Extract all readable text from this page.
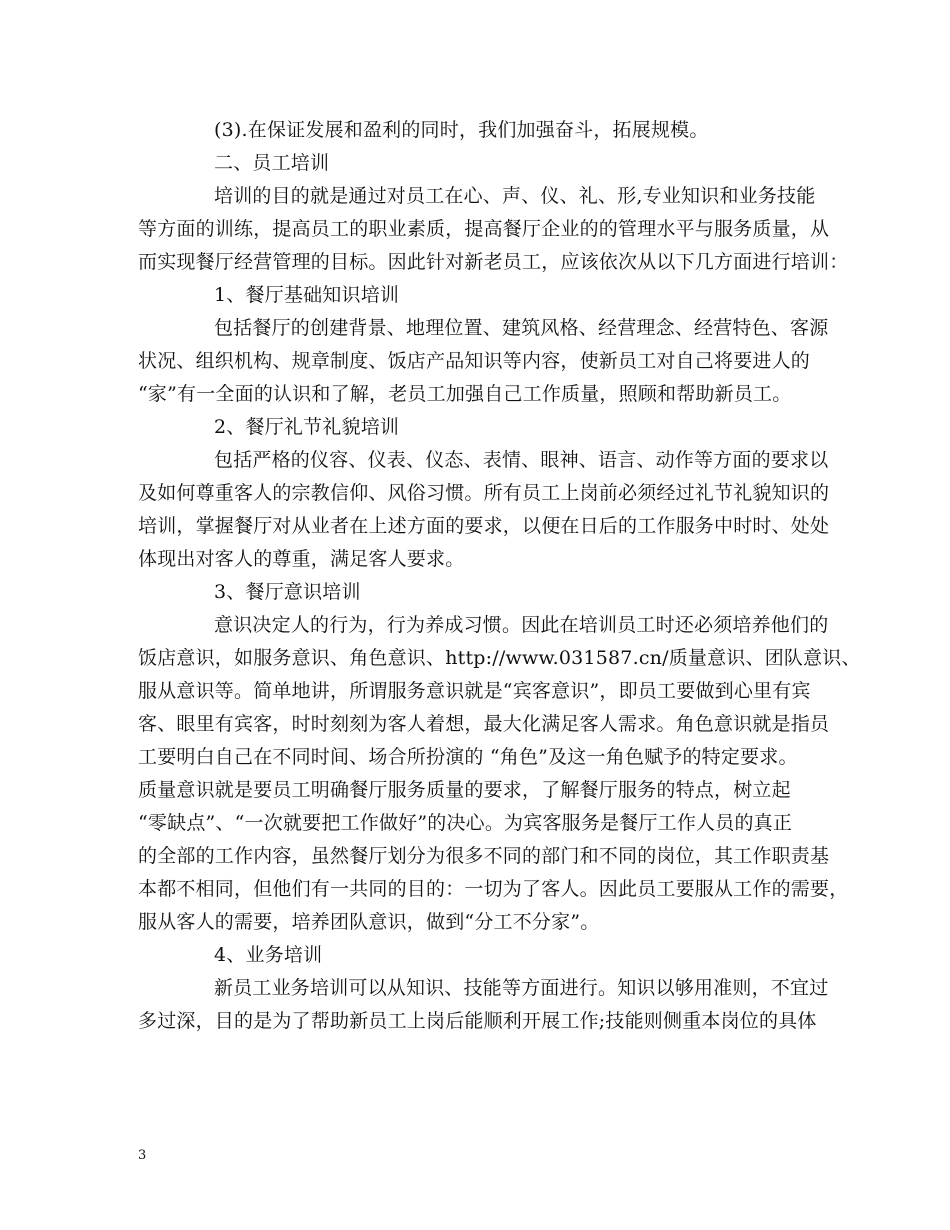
(3).在保证发展和盈利的同时，我们加强奋斗，拓展规模。
二、员工培训
培训的目的就是通过对员工在心、声、仪、礼、形,专业知识和业务技能
等方面的训练，提高员工的职业素质，提高餐厅企业的的管理水平与服务质量，从
而实现餐厅经营管理的目标。因此针对新老员工，应该依次从以下几方面进行培训：
1、餐厅基础知识培训
包括餐厅的创建背景、地理位置、建筑风格、经营理念、经营特色、客源
状况、组织机构、规章制度、饭店产品知识等内容，使新员工对自己将要进人的
“家”有一全面的认识和了解，老员工加强自己工作质量，照顾和帮助新员工。
2、餐厅礼节礼貌培训
包括严格的仪容、仪表、仪态、表情、眼神、语言、动作等方面的要求以
及如何尊重客人的宗教信仰、风俗习惯。所有员工上岗前必须经过礼节礼貌知识的
培训，掌握餐厅对从业者在上述方面的要求，以便在日后的工作服务中时时、处处
体现出对客人的尊重，满足客人要求。
3、餐厅意识培训
意识决定人的行为，行为养成习惯。因此在培训员工时还必须培养他们的
饭店意识，如服务意识、角色意识、http://www.031587.cn/质量意识、团队意识、
服从意识等。简单地讲，所谓服务意识就是“宾客意识”，即员工要做到心里有宾
客、眼里有宾客，时时刻刻为客人着想，最大化满足客人需求。角色意识就是指员
工要明白自己在不同时间、场合所扮演的 “角色”及这一角色赋予的特定要求。
质量意识就是要员工明确餐厅服务质量的要求，了解餐厅服务的特点，树立起
“零缺点”、“一次就要把工作做好”的决心。为宾客服务是餐厅工作人员的真正
的全部的工作内容，虽然餐厅划分为很多不同的部门和不同的岗位，其工作职责基
本都不相同，但他们有一共同的目的：一切为了客人。因此员工要服从工作的需要，
服从客人的需要，培养团队意识，做到“分工不分家”。
4、业务培训
新员工业务培训可以从知识、技能等方面进行。知识以够用准则，不宜过
多过深，目的是为了帮助新员工上岗后能顺利开展工作;技能则侧重本岗位的具体
3
